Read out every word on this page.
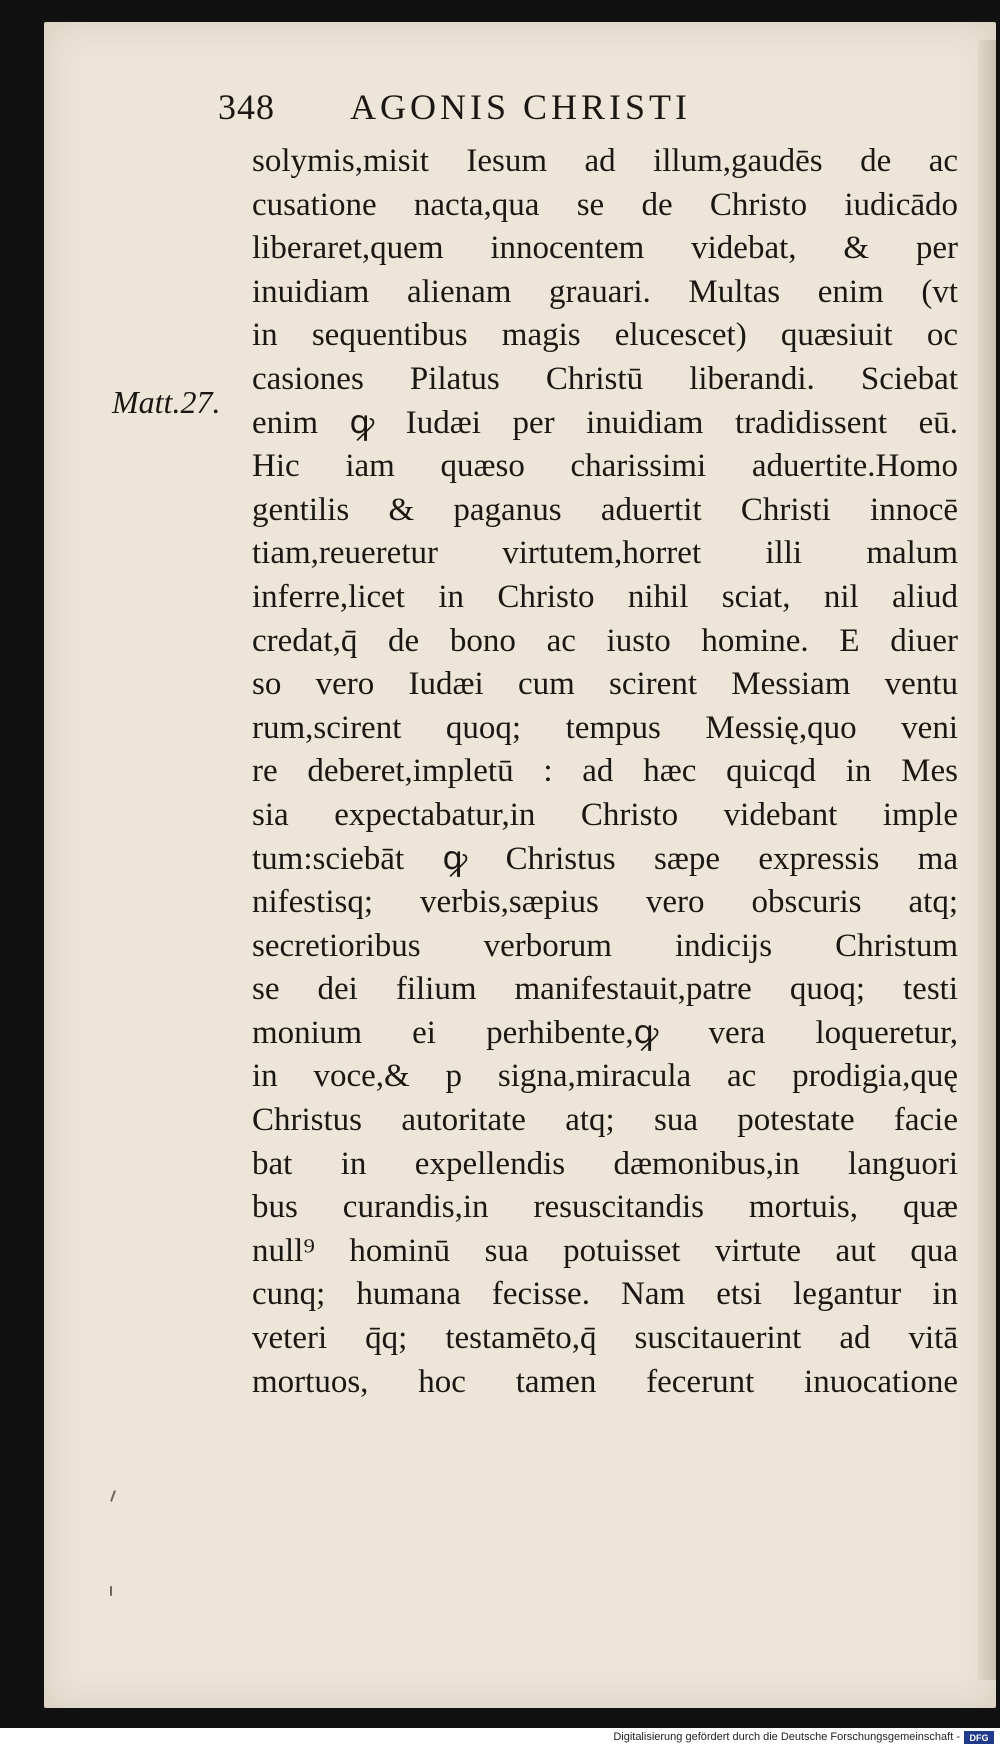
348 AGONIS CHRISTI
Matt.27.
solymis,misit Iesum ad illum,gaudēs de ac
cusatione nacta,qua se de Christo iudicādo
liberaret,quem innocentem videbat, & per
inuidiam alienam grauari. Multas enim (vt
in sequentibus magis elucescet) quæsiuit oc
casiones Pilatus Christū liberandi. Sciebat
enim ꝙ Iudæi per inuidiam tradidissent eū.
Hic iam quæso charissimi aduertite.Homo
gentilis & paganus aduertit Christi innocē
tiam,reueretur virtutem,horret illi malum
inferre,licet in Christo nihil sciat, nil aliud
credat,q̄ de bono ac iusto homine. E diuer
so vero Iudæi cum scirent Messiam ventu
rum,scirent quoq; tempus Messię,quo veni
re deberet,impletū : ad hæc quicqd in Mes
sia expectabatur,in Christo videbant imple
tum:sciebāt ꝙ Christus sæpe expressis ma
nifestisq; verbis,sæpius vero obscuris atq;
secretioribus verborum indicijs Christum
se dei filium manifestauit,patre quoq; testi
monium ei perhibente,ꝙ vera loqueretur,
in voce,& p signa,miracula ac prodigia,quę
Christus autoritate atq; sua potestate facie
bat in expellendis dæmonibus,in languori
bus curandis,in resuscitandis mortuis, quæ
null⁹ hominū sua potuisset virtute aut qua
cunq; humana fecisse. Nam etsi legantur in
veteri q̄q; testamēto,q̄ suscitauerint ad vitā
mortuos, hoc tamen fecerunt inuocatione
Digitalisierung gefördert durch die Deutsche Forschungsgemeinschaft - DFG
